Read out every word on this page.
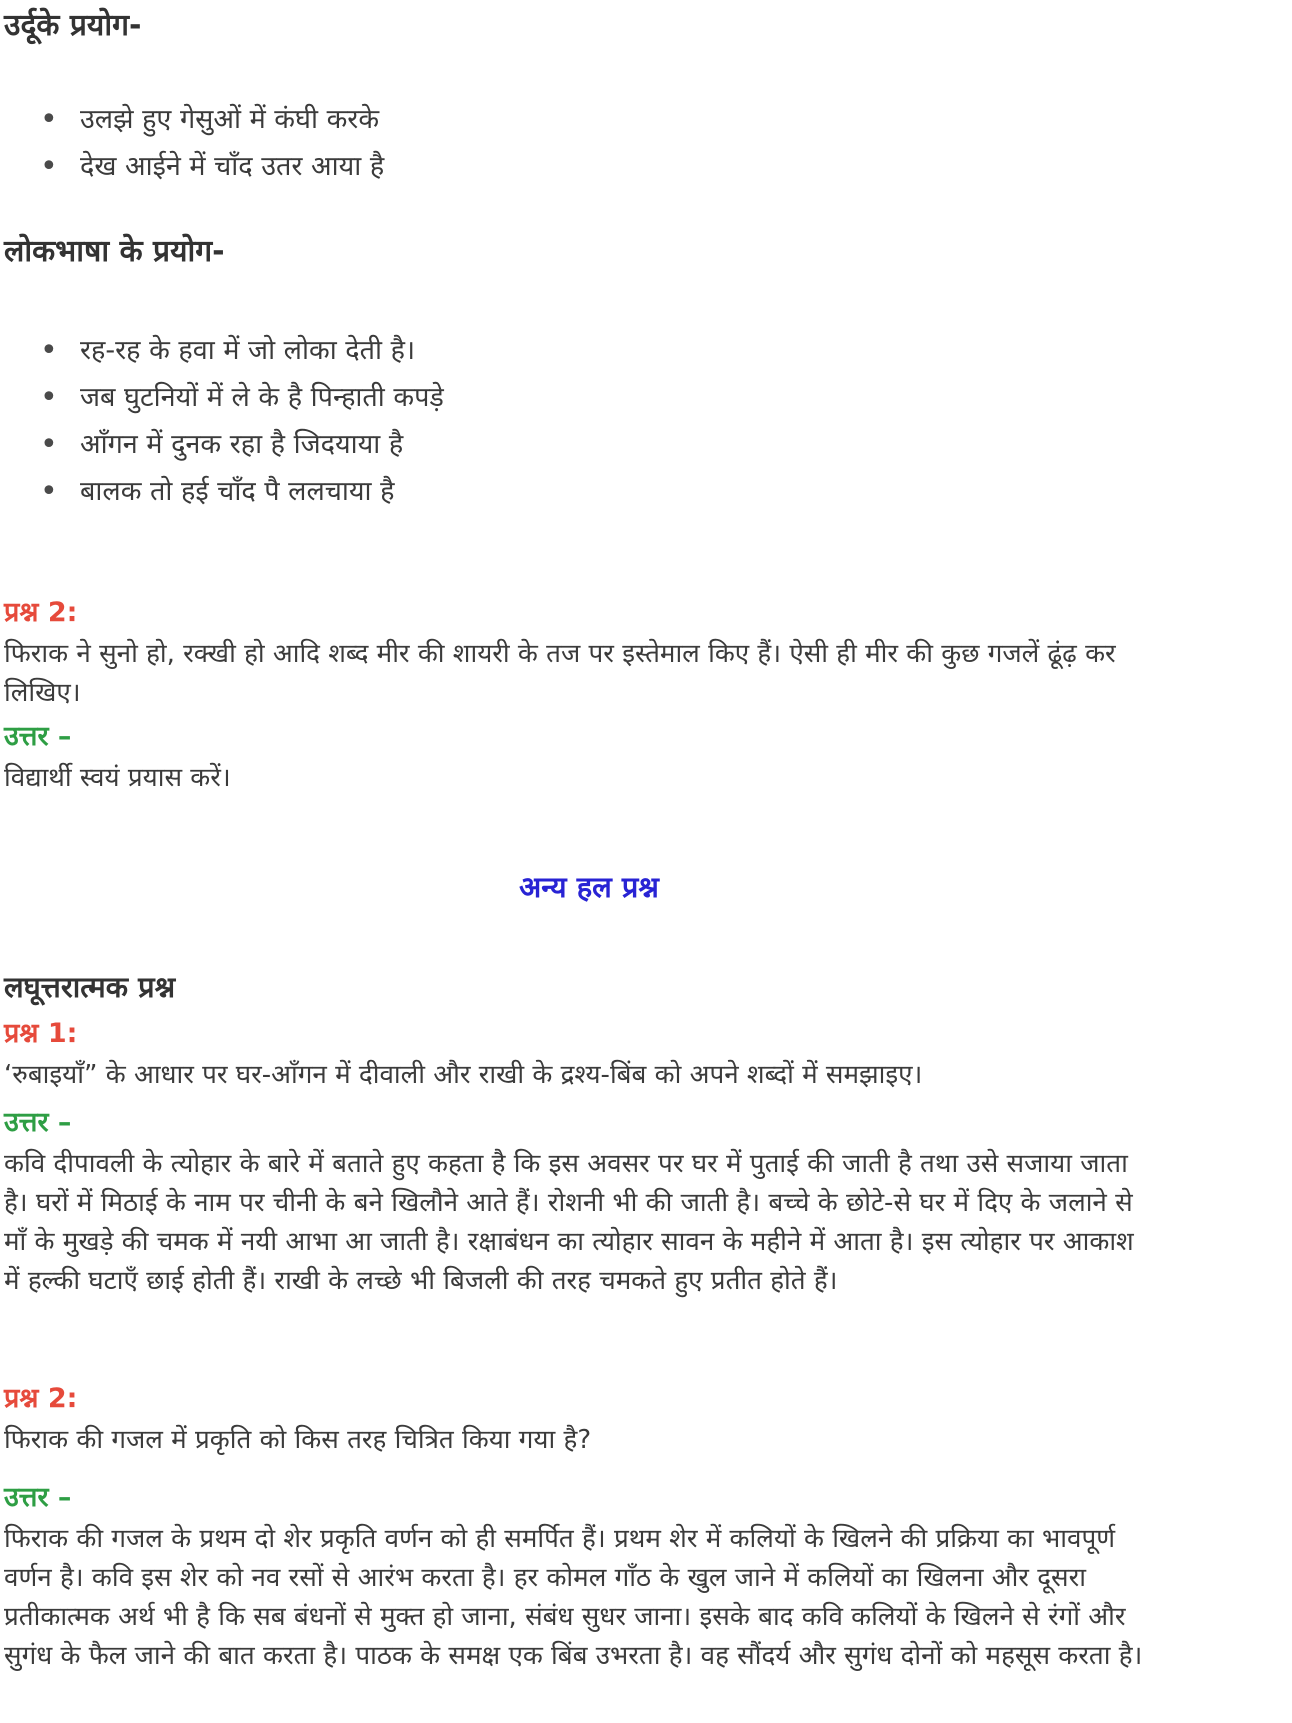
उर्दूके प्रयोग-
• उलझे हुए गेसुओं में कंघी करके
• देख आईने में चाँद उतर आया है
लोकभाषा के प्रयोग-
• रह-रह के हवा में जो लोका देती है।
• जब घुटनियों में ले के है पिन्हाती कपड़े
• आँगन में दुनक रहा है जिदयाया है
• बालक तो हई चाँद पै ललचाया है
प्रश्न 2:

फिराक ने सुनो हो, रक्खी हो आदि शब्द मीर की शायरी के तज पर इस्तेमाल किए हैं। ऐसी ही मीर की कुछ गजलें ढूंढ़ कर लिखिए।

उत्तर –

विद्यार्थी स्वयं प्रयास करें।

अन्य हल प्रश्न
लघूत्तरात्मक प्रश्न
प्रश्न 1:

‘रुबाइयाँ” के आधार पर घर-आँगन में दीवाली और राखी के द्रश्य-बिंब को अपने शब्दों में समझाइए।

उत्तर –

कवि दीपावली के त्योहार के बारे में बताते हुए कहता है कि इस अवसर पर घर में पुताई की जाती है तथा उसे सजाया जाता है। घरों में मिठाई के नाम पर चीनी के बने खिलौने आते हैं। रोशनी भी की जाती है। बच्चे के छोटे-से घर में दिए के जलाने से माँ के मुखड़े की चमक में नयी आभा आ जाती है। रक्षाबंधन का त्योहार सावन के महीने में आता है। इस त्योहार पर आकाश में हल्की घटाएँ छाई होती हैं। राखी के लच्छे भी बिजली की तरह चमकते हुए प्रतीत होते हैं।

प्रश्न 2:

फिराक की गजल में प्रकृति को किस तरह चित्रित किया गया है?

उत्तर –

फिराक की गजल के प्रथम दो शेर प्रकृति वर्णन को ही समर्पित हैं। प्रथम शेर में कलियों के खिलने की प्रक्रिया का भावपूर्ण वर्णन है। कवि इस शेर को नव रसों से आरंभ करता है। हर कोमल गाँठ के खुल जाने में कलियों का खिलना और दूसरा प्रतीकात्मक अर्थ भी है कि सब बंधनों से मुक्त हो जाना, संबंध सुधर जाना। इसके बाद कवि कलियों के खिलने से रंगों और सुगंध के फैल जाने की बात करता है। पाठक के समक्ष एक बिंब उभरता है। वह सौंदर्य और सुगंध दोनों को महसूस करता है।
